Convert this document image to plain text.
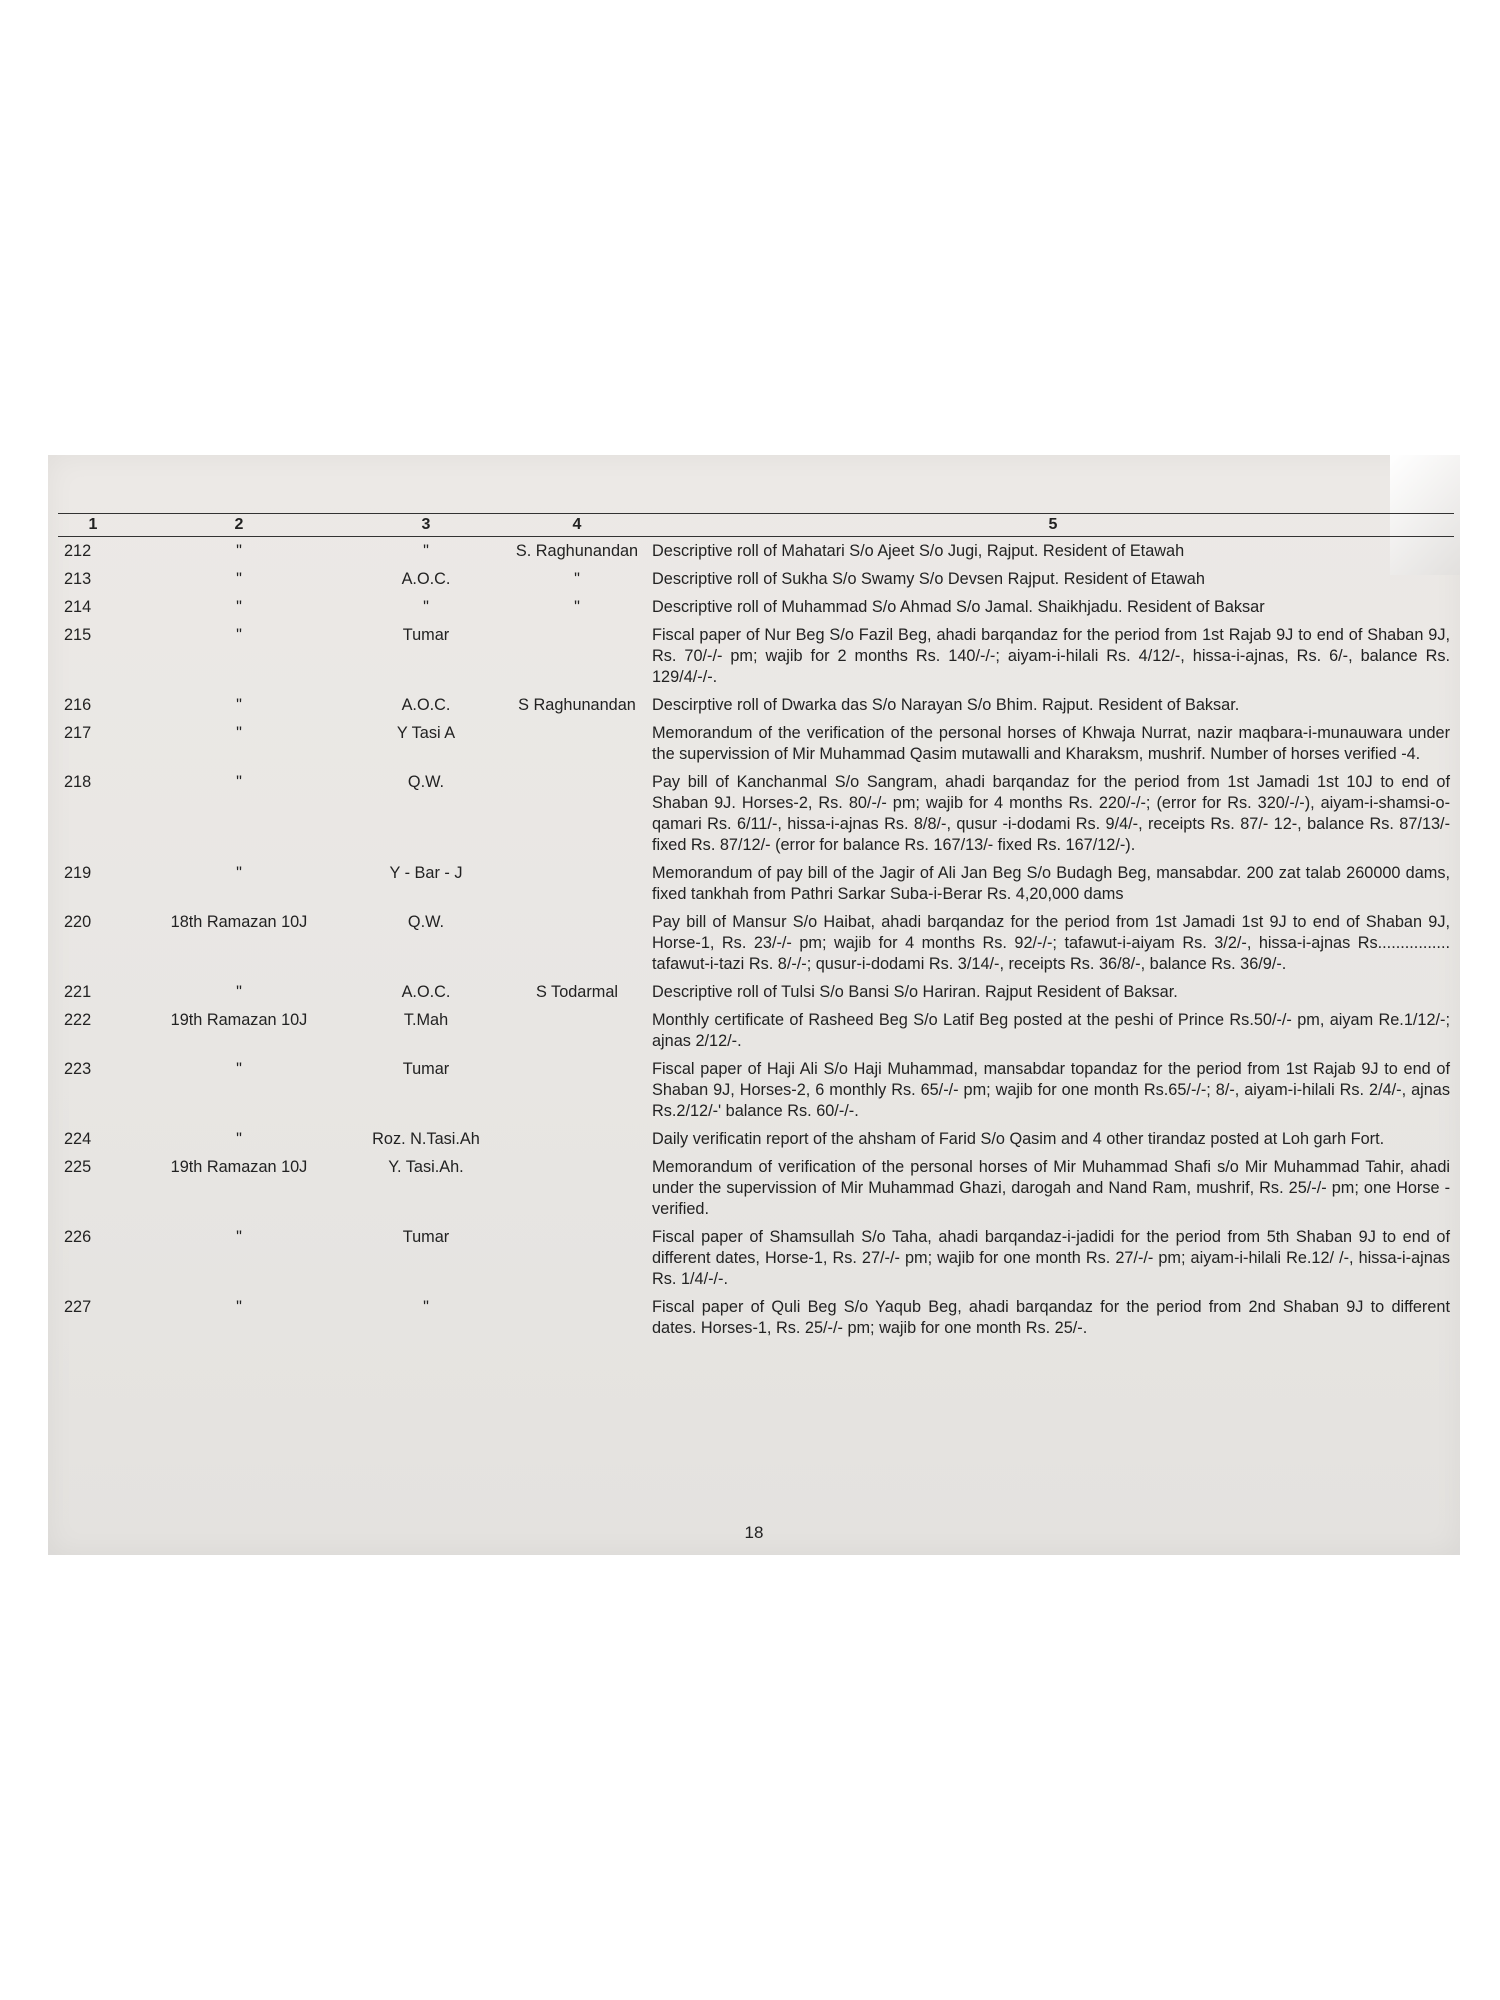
1	2	3	4	5
212	"	"	S. Raghunandan	Descriptive roll of Mahatari S/o Ajeet S/o Jugi, Rajput. Resident of Etawah
213	"	A.O.C.	"	Descriptive roll of Sukha S/o Swamy S/o Devsen Rajput. Resident of Etawah
214	"	"	"	Descriptive roll of Muhammad S/o Ahmad S/o Jamal. Shaikhjadu. Resident of Baksar
215	"	Tumar		Fiscal paper of Nur Beg S/o Fazil Beg, ahadi barqandaz for the period from 1st Rajab 9J to end of Shaban 9J, Rs. 70/-/- pm; wajib for 2 months Rs. 140/-/-; aiyam-i-hilali Rs. 4/12/-, hissa-i-ajnas, Rs. 6/-, balance Rs. 129/4/-/-.
216	"	A.O.C.	S Raghunandan	Descirptive roll of Dwarka das S/o Narayan S/o Bhim. Rajput. Resident of Baksar.
217	"	Y Tasi A		Memorandum of the verification of the personal horses of Khwaja Nurrat, nazir maqbara-i-munauwara under the supervission of Mir Muhammad Qasim mutawalli and Kharaksm, mushrif. Number of horses verified -4.
218	"	Q.W.		Pay bill of Kanchanmal S/o Sangram, ahadi barqandaz for the period from 1st Jamadi 1st 10J to end of Shaban 9J. Horses-2, Rs. 80/-/- pm; wajib for 4 months Rs. 220/-/-; (error for Rs. 320/-/-), aiyam-i-shamsi-o-qamari Rs. 6/11/-, hissa-i-ajnas Rs. 8/8/-, qusur -i-dodami Rs. 9/4/-, receipts Rs. 87/- 12-, balance Rs. 87/13/- fixed Rs. 87/12/- (error for balance Rs. 167/13/- fixed Rs. 167/12/-).
219	"	Y - Bar - J		Memorandum of pay bill of the Jagir of Ali Jan Beg S/o Budagh Beg, mansabdar. 200 zat talab 260000 dams, fixed tankhah from Pathri Sarkar Suba-i-Berar Rs. 4,20,000 dams
220	18th Ramazan 10J	Q.W.		Pay bill of Mansur S/o Haibat, ahadi barqandaz for the period from 1st Jamadi 1st 9J to end of Shaban 9J, Horse-1, Rs. 23/-/- pm; wajib for 4 months Rs. 92/-/-; tafawut-i-aiyam Rs. 3/2/-, hissa-i-ajnas Rs................ tafawut-i-tazi Rs. 8/-/-; qusur-i-dodami Rs. 3/14/-, receipts Rs. 36/8/-, balance Rs. 36/9/-.
221	"	A.O.C.	S Todarmal	Descriptive roll of Tulsi S/o Bansi S/o Hariran. Rajput Resident of Baksar.
222	19th Ramazan 10J	T.Mah		Monthly certificate of Rasheed Beg S/o Latif Beg posted at the peshi of Prince Rs.50/-/- pm, aiyam Re.1/12/-; ajnas 2/12/-.
223	"	Tumar		Fiscal paper of Haji Ali S/o Haji Muhammad, mansabdar topandaz for the period from 1st Rajab 9J to end of Shaban 9J, Horses-2, 6 monthly Rs. 65/-/- pm; wajib for one month Rs.65/-/-; 8/-, aiyam-i-hilali Rs. 2/4/-, ajnas Rs.2/12/-' balance Rs. 60/-/-.
224	"	Roz. N.Tasi.Ah		Daily verificatin report of the ahsham of Farid S/o Qasim and 4 other tirandaz posted at Loh garh Fort.
225	19th Ramazan 10J	Y. Tasi.Ah.		Memorandum of verification of the personal horses of Mir Muhammad Shafi s/o Mir Muhammad Tahir, ahadi under the supervission of Mir Muhammad Ghazi, darogah and Nand Ram, mushrif, Rs. 25/-/- pm; one Horse - verified.
226	"	Tumar		Fiscal paper of Shamsullah S/o Taha, ahadi barqandaz-i-jadidi for the period from 5th Shaban 9J to end of different dates, Horse-1, Rs. 27/-/- pm; wajib for one month Rs. 27/-/- pm; aiyam-i-hilali Re.12/ /-, hissa-i-ajnas Rs. 1/4/-/-.
227	"	"		Fiscal paper of Quli Beg S/o Yaqub Beg, ahadi barqandaz for the period from 2nd Shaban 9J to different dates. Horses-1, Rs. 25/-/- pm; wajib for one month Rs. 25/-.
18
